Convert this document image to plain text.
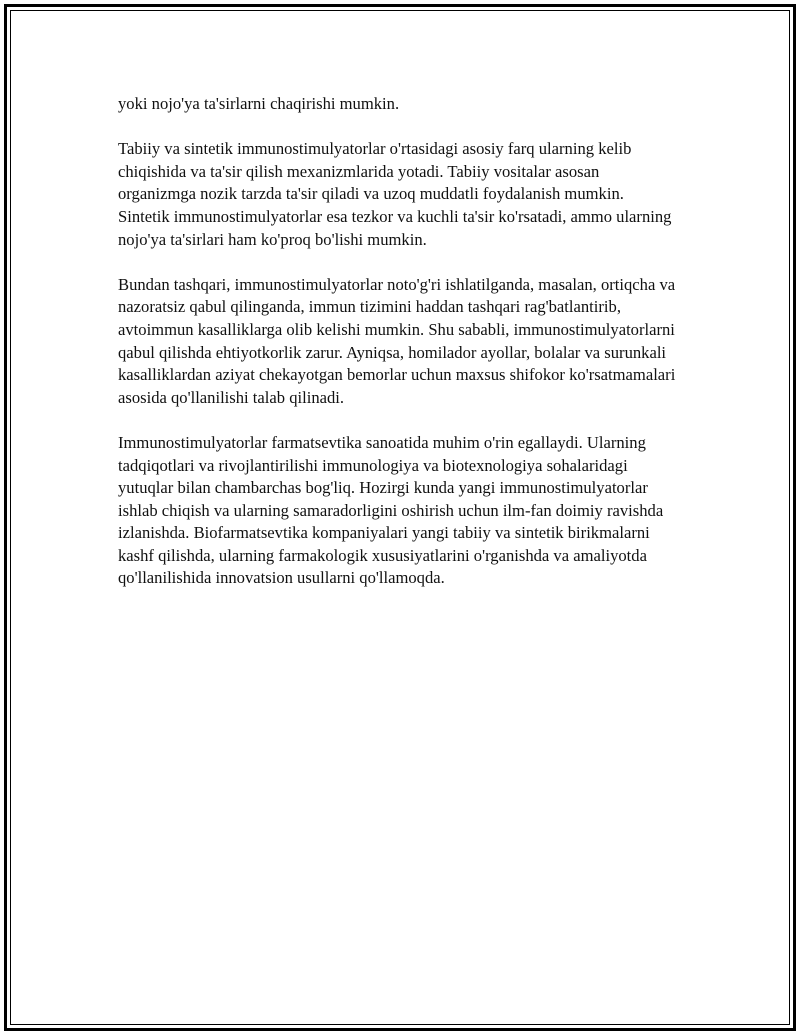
yoki nojo'ya ta'sirlarni chaqirishi mumkin.

Tabiiy va sintetik immunostimulyatorlar o'rtasidagi asosiy farq ularning kelib chiqishida va ta'sir qilish mexanizmlarida yotadi. Tabiiy vositalar asosan organizmga nozik tarzda ta'sir qiladi va uzoq muddatli foydalanish mumkin. Sintetik immunostimulyatorlar esa tezkor va kuchli ta'sir ko'rsatadi, ammo ularning nojo'ya ta'sirlari ham ko'proq bo'lishi mumkin.

Bundan tashqari, immunostimulyatorlar noto'g'ri ishlatilganda, masalan, ortiqcha va nazoratsiz qabul qilinganda, immun tizimini haddan tashqari rag'batlantirib, avtoimmun kasalliklarga olib kelishi mumkin. Shu sababli, immunostimulyatorlarni qabul qilishda ehtiyotkorlik zarur. Ayniqsa, homilador ayollar, bolalar va surunkali kasalliklardan aziyat chekayotgan bemorlar uchun maxsus shifokor ko'rsatmamalari asosida qo'llanilishi talab qilinadi.

Immunostimulyatorlar farmatsevtika sanoatida muhim o'rin egallaydi. Ularning tadqiqotlari va rivojlantirilishi immunologiya va biotexnologiya sohalaridagi yutuqlar bilan chambarchas bog'liq. Hozirgi kunda yangi immunostimulyatorlar ishlab chiqish va ularning samaradorligini oshirish uchun ilm-fan doimiy ravishda izlanishda. Biofarmatsevtika kompaniyalari yangi tabiiy va sintetik birikmalarni kashf qilishda, ularning farmakologik xususiyatlarini o'rganishda va amaliyotda qo'llanilishida innovatsion usullarni qo'llamoqda.
